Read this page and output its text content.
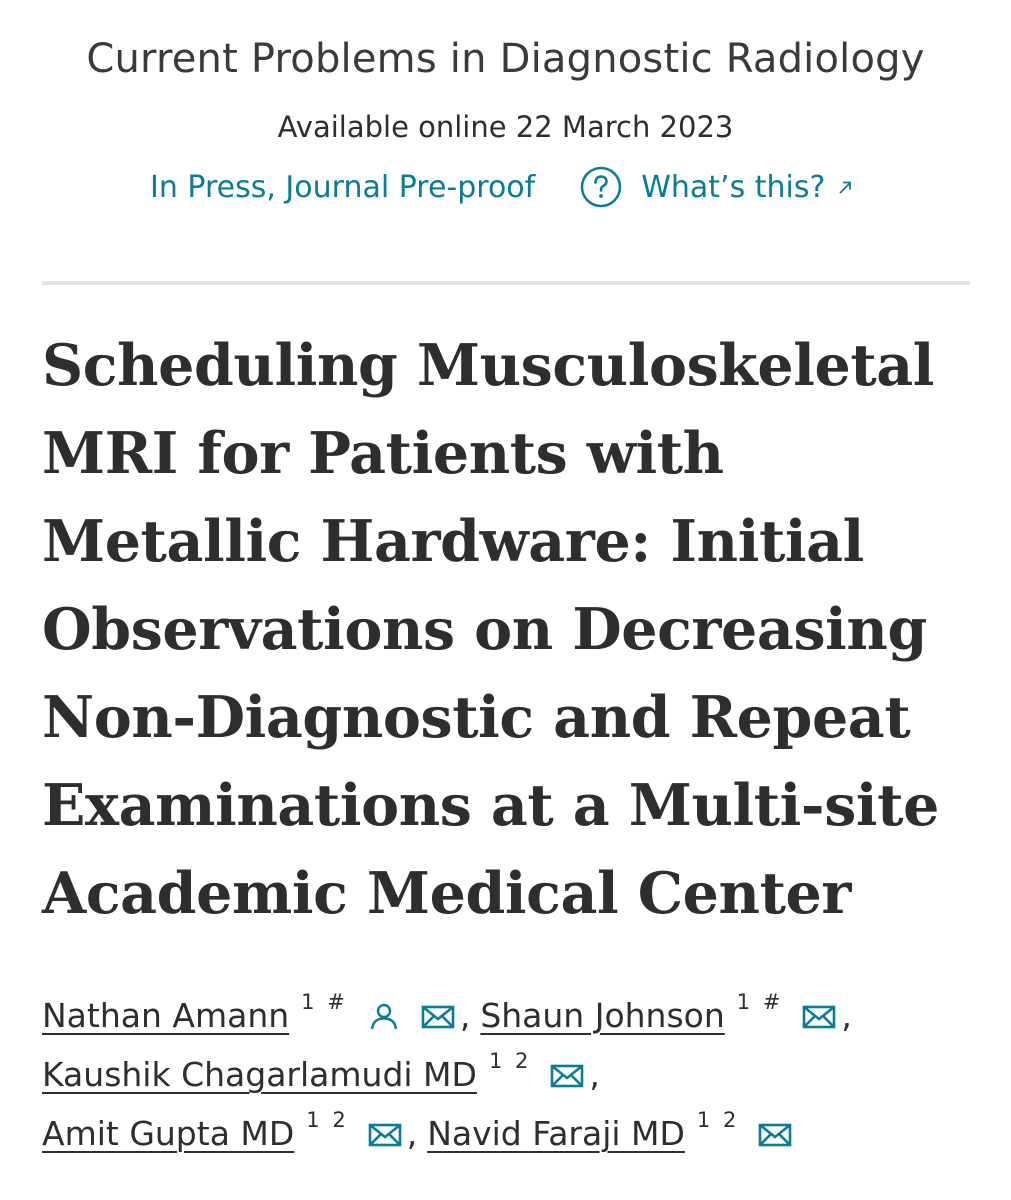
Current Problems in Diagnostic Radiology
Available online 22 March 2023
In Press, Journal Pre-proof	What’s this?
Scheduling Musculoskeletal MRI for Patients with Metallic Hardware: Initial Observations on Decreasing Non-Diagnostic and Repeat Examinations at a Multi-site Academic Medical Center
Nathan Amann 1 #	, Shaun Johnson 1 # ,
Kaushik Chagarlamudi MD 1 2 ,
Amit Gupta MD 1 2 , Navid Faraji MD 1 2
